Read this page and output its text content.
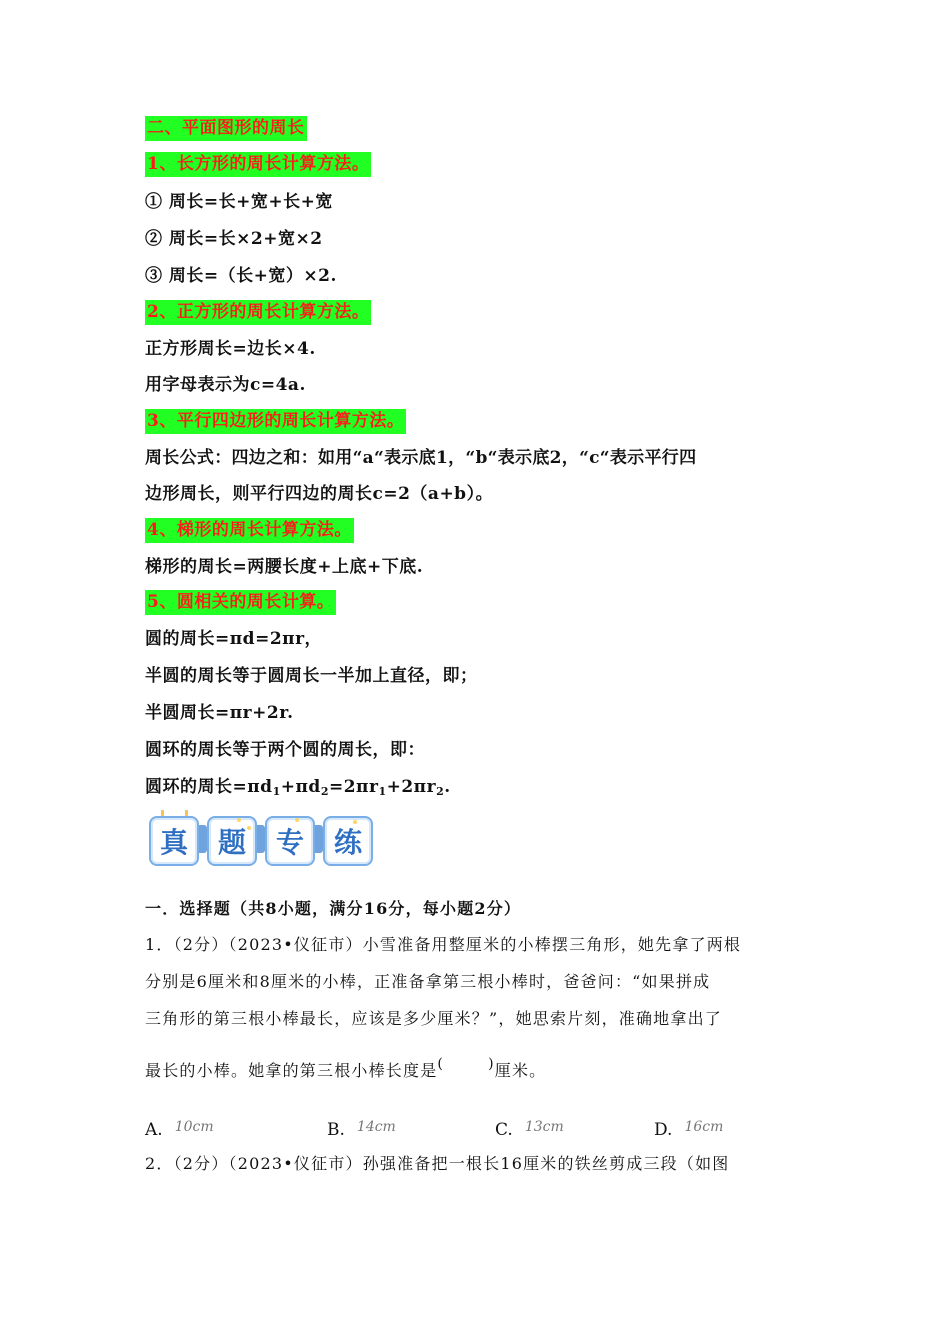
二、平面图形的周长
1、长方形的周长计算方法。
① 周长=长+宽+长+宽
② 周长=长×2+宽×2
③ 周长=（长+宽）×2.
2、正方形的周长计算方法。
正方形周长=边长×4.
用字母表示为c=4a.
3、平行四边形的周长计算方法。
周长公式：四边之和：如用“a“表示底1，“b“表示底2，“c“表示平行四
边形周长，则平行四边的周长c=2（a+b）。
4、梯形的周长计算方法。
梯形的周长=两腰长度+上底+下底.
5、圆相关的周长计算。
圆的周长=πd=2πr，
半圆的周长等于圆周长一半加上直径，即；
半圆周长=πr+2r.
圆环的周长等于两个圆的周长，即：
圆环的周长$=\pi d_1+\pi d_2=2\pi r_1+2\pi r_2$.
真	题	专	练
一．选择题（共8小题，满分16分，每小题2分）
1．（2分）（2023•仪征市）小雪准备用整厘米的小棒摆三角形，她先拿了两根
分别是6厘米和8厘米的小棒，正准备拿第三根小棒时，爸爸问：“如果拼成
三角形的第三根小棒最长，应该是多少厘米？”，她思索片刻，准确地拿出了
最长的小棒。她拿的第三根小棒长度是(	)厘米。
A. $^{10cm}$	B. $^{14cm}$	C. $^{13cm}$	D. $^{16cm}$
2．（2分）（2023•仪征市）孙强准备把一根长16厘米的铁丝剪成三段（如图
